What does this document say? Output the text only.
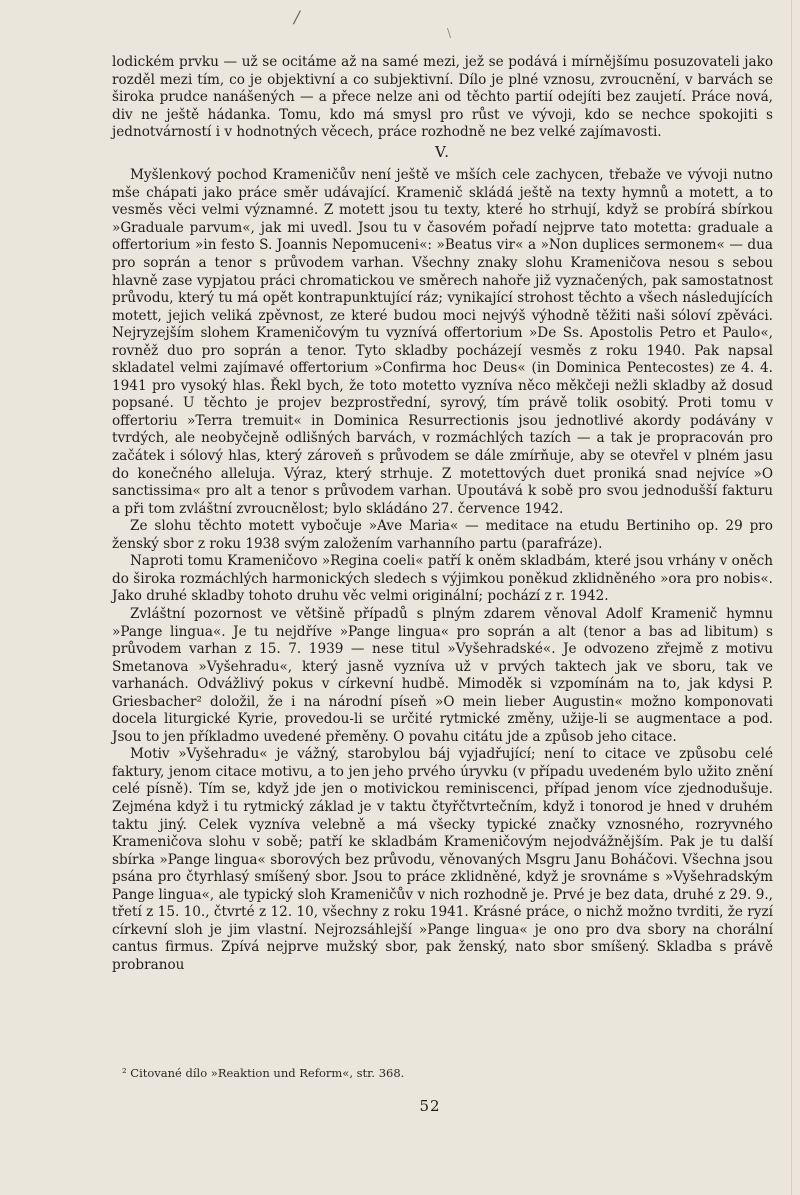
/
\

lodickém prvku — už se ocitáme až na samé mezi, jež se podává i mírnějšímu posuzovateli jako rozděl mezi tím, co je objektivní a co subjektivní. Dílo je plné vznosu, zvroucnění, v barvách se široka prudce nanášených — a přece nelze ani od těchto partií odejíti bez zaujetí. Práce nová, div ne ještě hádanka. Tomu, kdo má smysl pro růst ve vývoji, kdo se nechce spokojiti s jednotvárností i v hodnotných věcech, práce rozhodně ne bez velké zajímavosti.

V.

Myšlenkový pochod Krameničův není ještě ve mších cele zachycen, třebaže ve vývoji nutno mše chápati jako práce směr udávající. Kramenič skládá ještě na texty hymnů a motett, a to vesměs věci velmi významné. Z motett jsou tu texty, které ho strhují, když se probírá sbírkou »Graduale parvum«, jak mi uvedl. Jsou tu v časovém pořadí nejprve tato motetta: graduale a offertorium »in festo S. Joannis Nepomuceni«: »Beatus vir« a »Non duplices sermonem« — dua pro soprán a tenor s průvodem varhan. Všechny znaky slohu Krameničova nesou s sebou hlavně zase vypjatou práci chromatickou ve směrech nahoře již vyznačených, pak samostatnost průvodu, který tu má opět kontrapunktující ráz; vynikající strohost těchto a všech následujících motett, jejich veliká zpěvnost, ze které budou moci nejvýš výhodně těžiti naši sóloví zpěváci. Nejryzejším slohem Krameničovým tu vyznívá offertorium »De Ss. Apostolis Petro et Paulo«, rovněž duo pro soprán a tenor. Tyto skladby pocházejí vesměs z roku 1940. Pak napsal skladatel velmi zajímavé offertorium »Confirma hoc Deus« (in Dominica Pentecostes) ze 4. 4. 1941 pro vysoký hlas. Řekl bych, že toto motetto vyzníva něco měkčeji nežli skladby až dosud popsané. U těchto je projev bezprostřední, syrový, tím právě tolik osobitý. Proti tomu v offertoriu »Terra tremuit« in Dominica Resurrectionis jsou jednotlivé akordy podávány v tvrdých, ale neobyčejně odlišných barvách, v rozmáchlých tazích — a tak je propracován pro začátek i sólový hlas, který zároveň s průvodem se dále zmírňuje, aby se otevřel v plném jasu do konečného alleluja. Výraz, který strhuje. Z motettových duet proniká snad nejvíce »O sanctissima« pro alt a tenor s průvodem varhan. Upoutává k sobě pro svou jednodušší fakturu a při tom zvláštní zvroucnělost; bylo skládáno 27. července 1942.

Ze slohu těchto motett vybočuje »Ave Maria« — meditace na etudu Bertiniho op. 29 pro ženský sbor z roku 1938 svým založením varhanního partu (parafráze).

Naproti tomu Krameničovo »Regina coeli« patří k oněm skladbám, které jsou vrhány v oněch do široka rozmáchlých harmonických sledech s výjimkou poněkud zklidněného »ora pro nobis«. Jako druhé skladby tohoto druhu věc velmi originální; pochází z r. 1942.

Zvláštní pozornost ve většině případů s plným zdarem věnoval Adolf Kramenič hymnu »Pange lingua«. Je tu nejdříve »Pange lingua« pro soprán a alt (tenor a bas ad libitum) s průvodem varhan z 15. 7. 1939 — nese titul »Vyšehradské«. Je odvozeno zřejmě z motivu Smetanova »Vyšehradu«, který jasně vyzníva už v prvých taktech jak ve sboru, tak ve varhanách. Odvážlivý pokus v církevní hudbě. Mimoděk si vzpomínám na to, jak kdysi P. Griesbacher² doložil, že i na národní píseň »O mein lieber Augustin« možno komponovati docela liturgické Kyrie, provedou-li se určité rytmické změny, užije-li se augmentace a pod. Jsou to jen příkladmo uvedené přeměny. O povahu citátu jde a způsob jeho citace.

Motiv »Vyšehradu« je vážný, starobylou báj vyjadřující; není to citace ve způsobu celé faktury, jenom citace motivu, a to jen jeho prvého úryvku (v případu uvedeném bylo užito znění celé písně). Tím se, když jde jen o motivickou reminiscenci, případ jenom více zjednodušuje. Zejména když i tu rytmický základ je v taktu čtyřčtvrtečním, když i tonorod je hned v druhém taktu jiný. Celek vyzníva velebně a má všecky typické značky vznosného, rozryvného Krameničova slohu v sobě; patří ke skladbám Krameničovým nejodvážnějším. Pak je tu další sbírka »Pange lingua« sborových bez průvodu, věnovaných Msgru Janu Boháčovi. Všechna jsou psána pro čtyrhlasý smíšený sbor. Jsou to práce zklidněné, když je srovnáme s »Vyšehradským Pange lingua«, ale typický sloh Krameničův v nich rozhodně je. Prvé je bez data, druhé z 29. 9., třetí z 15. 10., čtvrté z 12. 10, všechny z roku 1941. Krásné práce, o nichž možno tvrditi, že ryzí církevní sloh je jim vlastní. Nejrozsáhlejší »Pange lingua« je ono pro dva sbory na chorální cantus firmus. Zpívá nejprve mužský sbor, pak ženský, nato sbor smíšený. Skladba s právě probranou

² Citované dílo »Reaktion und Reform«, str. 368.
52
